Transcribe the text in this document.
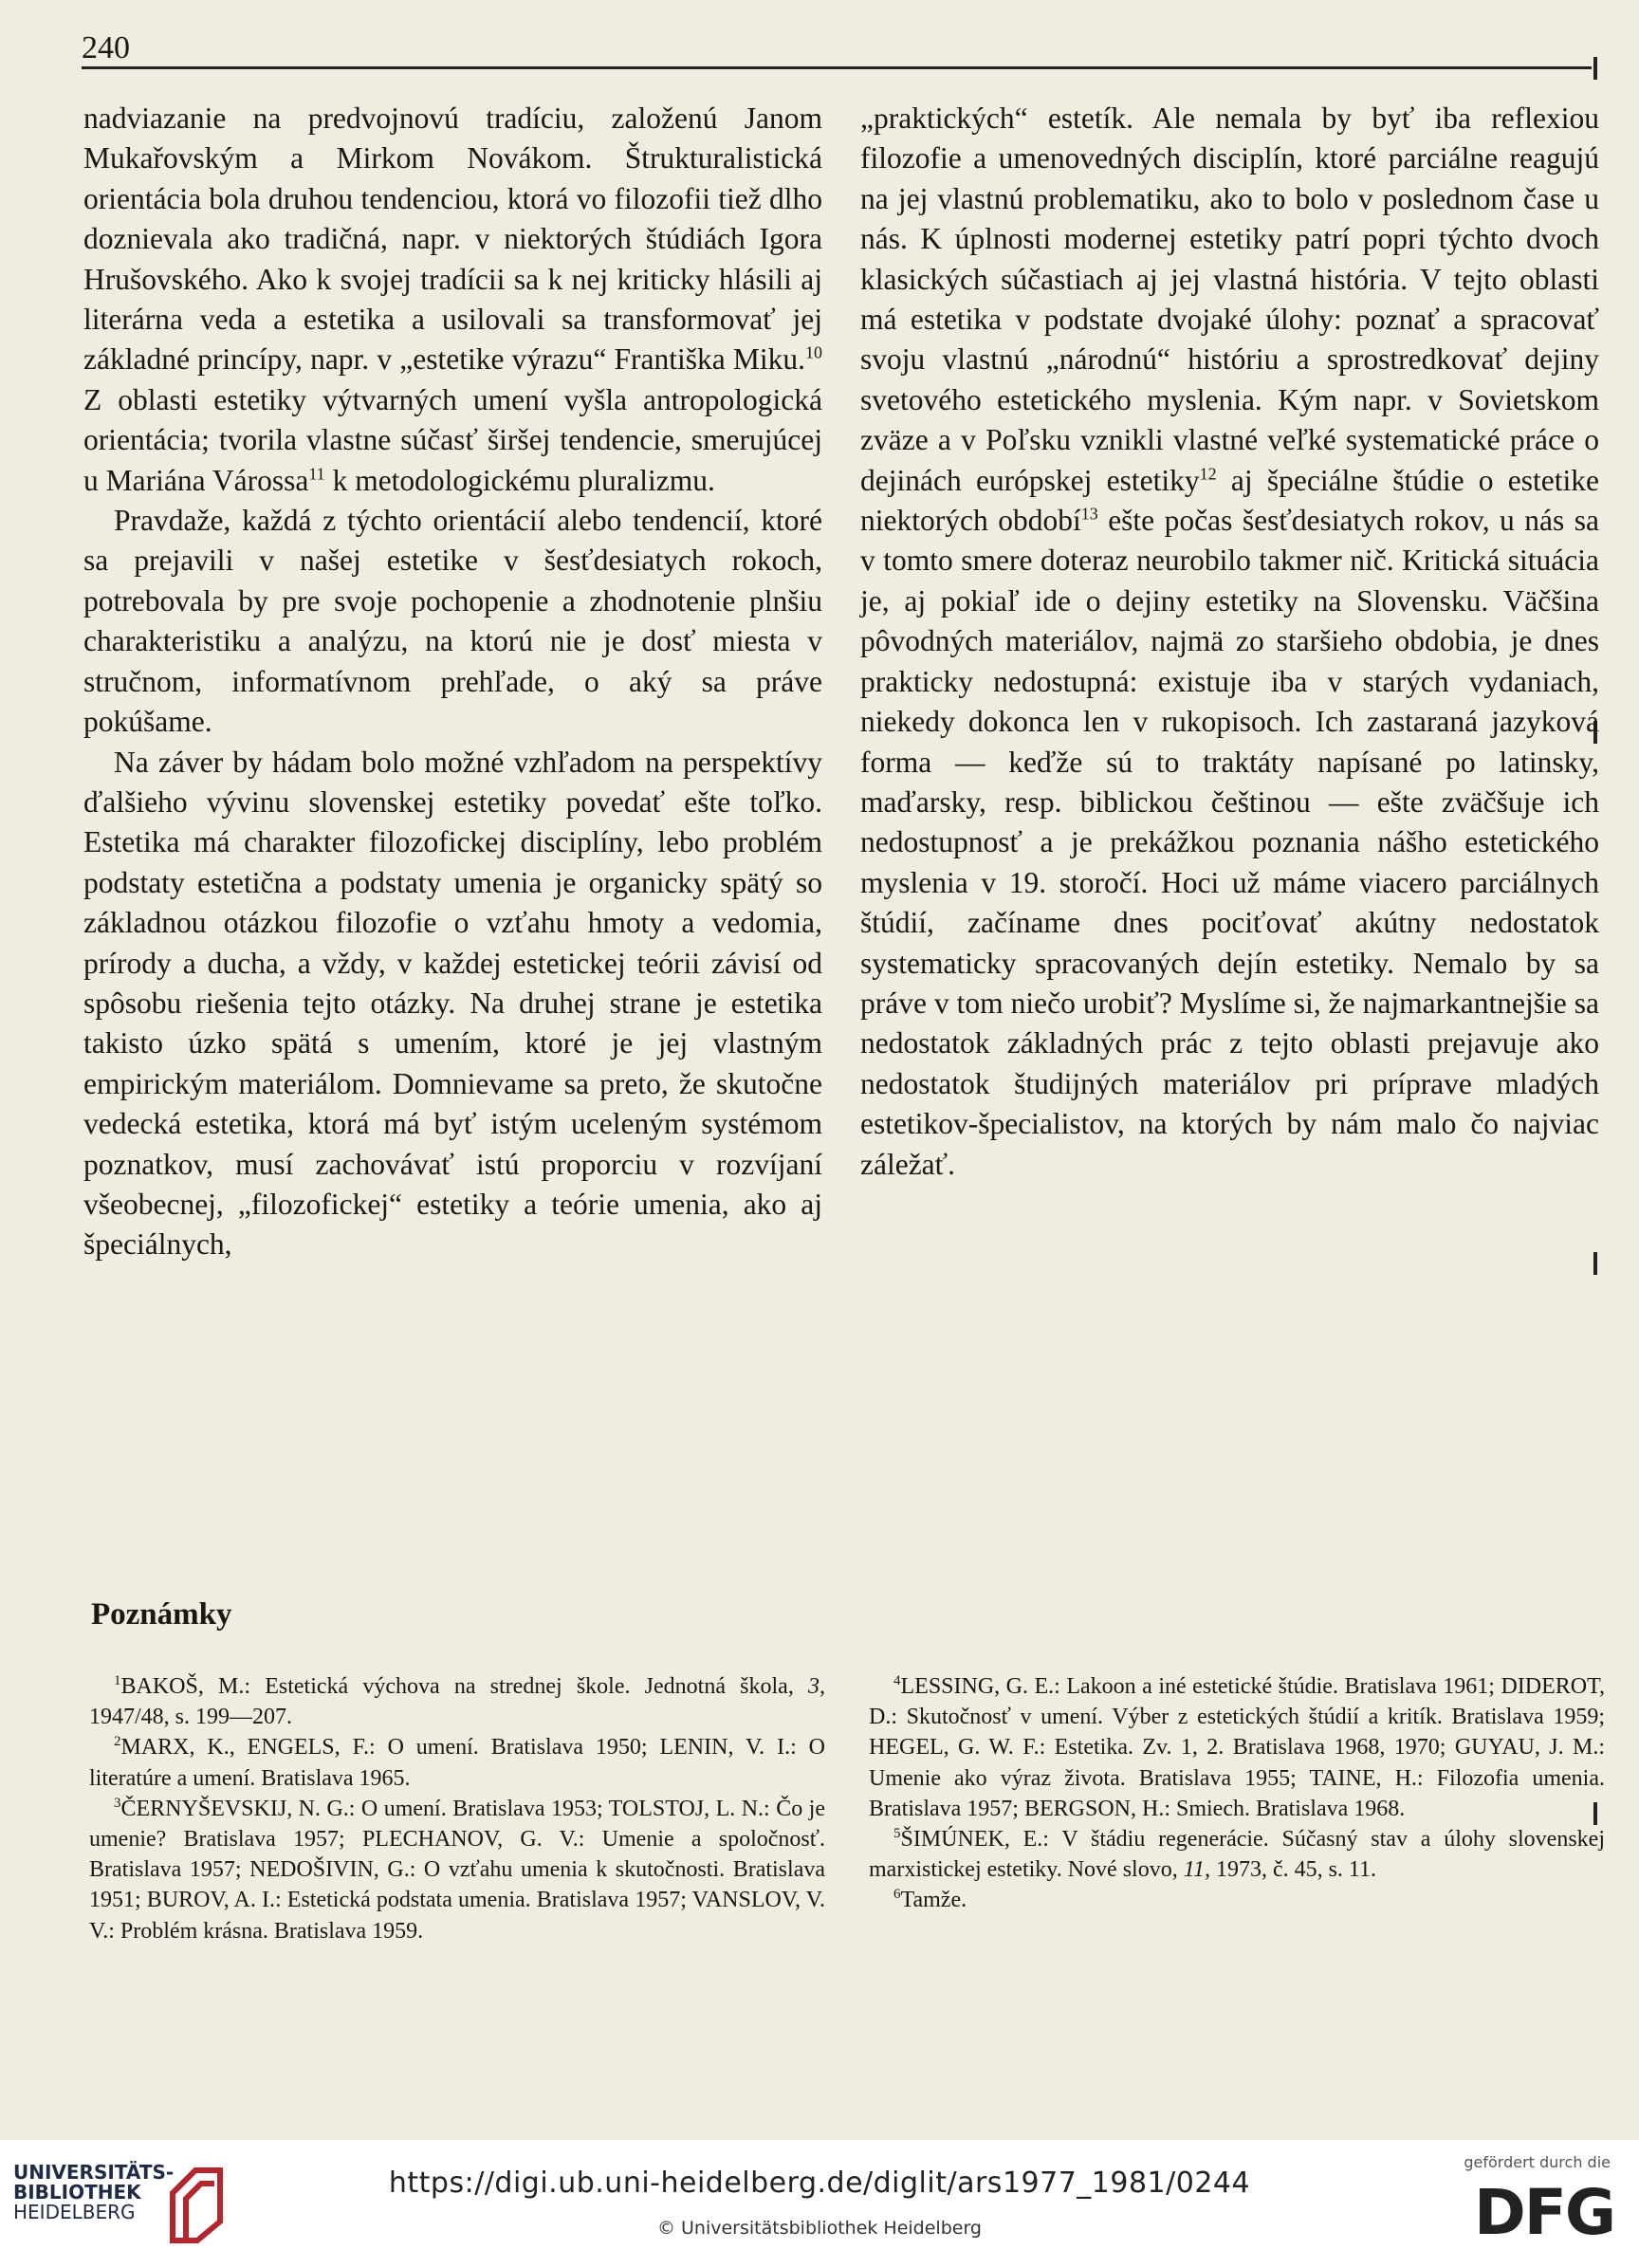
240

nadviazanie na predvojnovú tradíciu, založenú Janom Mukařovským a Mirkom Novákom. Štrukturalistická orientácia bola druhou tendenciou, ktorá vo filozofii tiež dlho doznievala ako tradičná, napr. v niektorých štúdiách Igora Hrušovského. Ako k svojej tradícii sa k nej kriticky hlásili aj literárna veda a estetika a usilovali sa transformovať jej základné princípy, napr. v „estetike výrazu“ Františka Miku.$^{10}$ Z oblasti estetiky výtvarných umení vyšla antropologická orientácia; tvorila vlastne súčasť širšej tendencie, smerujúcej u Mariána Várossa$^{11}$ k metodologickému pluralizmu.

Pravdaže, každá z týchto orientácií alebo tendencií, ktoré sa prejavili v našej estetike v šesťdesiatych rokoch, potrebovala by pre svoje pochopenie a zhodnotenie plnšiu charakteristiku a analýzu, na ktorú nie je dosť miesta v stručnom, informatívnom prehľade, o aký sa práve pokúšame.

Na záver by hádam bolo možné vzhľadom na perspektívy ďalšieho vývinu slovenskej estetiky povedať ešte toľko. Estetika má charakter filozofickej disciplíny, lebo problém podstaty estetična a podstaty umenia je organicky spätý so základnou otázkou filozofie o vzťahu hmoty a vedomia, prírody a ducha, a vždy, v každej estetickej teórii závisí od spôsobu riešenia tejto otázky. Na druhej strane je estetika takisto úzko spätá s umením, ktoré je jej vlastným empirickým materiálom. Domnievame sa preto, že skutočne vedecká estetika, ktorá má byť istým uceleným systémom poznatkov, musí zachovávať istú proporciu v rozvíjaní všeobecnej, „filozofickej“ estetiky a teórie umenia, ako aj špeciálnych,

„praktických“ estetík. Ale nemala by byť iba reflexiou filozofie a umenovedných disciplín, ktoré parciálne reagujú na jej vlastnú problematiku, ako to bolo v poslednom čase u nás. K úplnosti modernej estetiky patrí popri týchto dvoch klasických súčastiach aj jej vlastná história. V tejto oblasti má estetika v podstate dvojaké úlohy: poznať a spracovať svoju vlastnú „národnú“ históriu a sprostredkovať dejiny svetového estetického myslenia. Kým napr. v Sovietskom zväze a v Poľsku vznikli vlastné veľké systematické práce o dejinách európskej estetiky$^{12}$ aj špeciálne štúdie o estetike niektorých období$^{13}$ ešte počas šesťdesiatych rokov, u nás sa v tomto smere doteraz neurobilo takmer nič. Kritická situácia je, aj pokiaľ ide o dejiny estetiky na Slovensku. Väčšina pôvodných materiálov, najmä zo staršieho obdobia, je dnes prakticky nedostupná: existuje iba v starých vydaniach, niekedy dokonca len v rukopisoch. Ich zastaraná jazyková forma — keďže sú to traktáty napísané po latinsky, maďarsky, resp. biblickou češtinou — ešte zväčšuje ich nedostupnosť a je prekážkou poznania nášho estetického myslenia v 19. storočí. Hoci už máme viacero parciálnych štúdií, začíname dnes pociťovať akútny nedostatok systematicky spracovaných dejín estetiky. Nemalo by sa práve v tom niečo urobiť? Myslíme si, že najmarkantnejšie sa nedostatok základných prác z tejto oblasti prejavuje ako nedostatok študijných materiálov pri príprave mladých estetikov-špecialistov, na ktorých by nám malo čo najviac záležať.

Poznámky

$^1$BAKOŠ, M.: Estetická výchova na strednej škole. Jednotná škola, 3, 1947/48, s. 199—207.

$^2$MARX, K., ENGELS, F.: O umení. Bratislava 1950; LENIN, V. I.: O literatúre a umení. Bratislava 1965.

$^3$ČERNYŠEVSKIJ, N. G.: O umení. Bratislava 1953; TOLSTOJ, L. N.: Čo je umenie? Bratislava 1957; PLECHANOV, G. V.: Umenie a spoločnosť. Bratislava 1957; NEDOŠIVIN, G.: O vzťahu umenia k skutočnosti. Bratislava 1951; BUROV, A. I.: Estetická podstata umenia. Bratislava 1957; VANSLOV, V. V.: Problém krásna. Bratislava 1959.

$^4$LESSING, G. E.: Lakoon a iné estetické štúdie. Bratislava 1961; DIDEROT, D.: Skutočnosť v umení. Výber z estetických štúdií a kritík. Bratislava 1959; HEGEL, G. W. F.: Estetika. Zv. 1, 2. Bratislava 1968, 1970; GUYAU, J. M.: Umenie ako výraz života. Bratislava 1955; TAINE, H.: Filozofia umenia. Bratislava 1957; BERGSON, H.: Smiech. Bratislava 1968.

$^5$ŠIMÚNEK, E.: V štádiu regenerácie. Súčasný stav a úlohy slovenskej marxistickej estetiky. Nové slovo, 11, 1973, č. 45, s. 11.

$^6$Tamže.

UNIVERSITÄTS-
BIBLIOTHEK
HEIDELBERG
https://digi.ub.uni-heidelberg.de/diglit/ars1977_1981/0244
© Universitätsbibliothek Heidelberg
gefördert durch die
DFG
